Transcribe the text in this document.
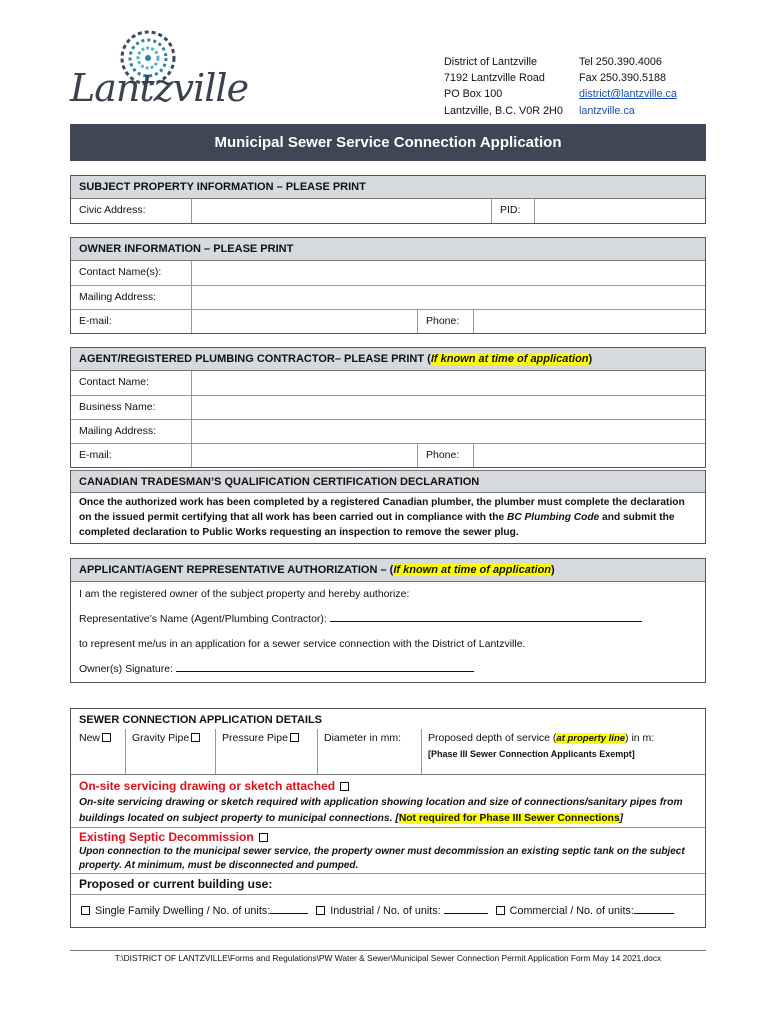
Lantzville
District of Lantzville
7192 Lantzville Road
PO Box 100
Lantzville, B.C. V0R 2H0
Tel 250.390.4006
Fax 250.390.5188
district@lantzville.ca
lantzville.ca
Municipal Sewer Service Connection Application
SUBJECT PROPERTY INFORMATION – PLEASE PRINT
Civic Address:	PID:
OWNER INFORMATION – PLEASE PRINT
Contact Name(s):
Mailing Address:
E-mail:	Phone:
AGENT/REGISTERED PLUMBING CONTRACTOR– PLEASE PRINT (If known at time of application)
Contact Name:
Business Name:
Mailing Address:
E-mail:	Phone:
CANADIAN TRADESMAN’S QUALIFICATION CERTIFICATION DECLARATION
Once the authorized work has been completed by a registered Canadian plumber, the plumber must complete the declaration on the issued permit certifying that all work has been carried out in compliance with the BC Plumbing Code and submit the completed declaration to Public Works requesting an inspection to remove the sewer plug.
APPLICANT/AGENT REPRESENTATIVE AUTHORIZATION – (If known at time of application)
I am the registered owner of the subject property and hereby authorize:
Representative’s Name (Agent/Plumbing Contractor):
to represent me/us in an application for a sewer service connection with the District of Lantzville.
Owner(s) Signature:
SEWER CONNECTION APPLICATION DETAILS
New	Gravity Pipe	Pressure Pipe	Diameter in mm:	Proposed depth of service (at property line) in m:
[Phase III Sewer Connection Applicants Exempt]
On-site servicing drawing or sketch attached
On-site servicing drawing or sketch required with application showing location and size of connections/sanitary pipes from buildings located on subject property to municipal connections. [Not required for Phase III Sewer Connections]
Existing Septic Decommission
Upon connection to the municipal sewer service, the property owner must decommission an existing septic tank on the subject property. At minimum, must be disconnected and pumped.
Proposed or current building use:
Single Family Dwelling / No. of units:	Industrial / No. of units:	Commercial / No. of units:
T:\DISTRICT OF LANTZVILLE\Forms and Regulations\PW Water & Sewer\Municipal Sewer Connection Permit Application Form May 14 2021.docx
